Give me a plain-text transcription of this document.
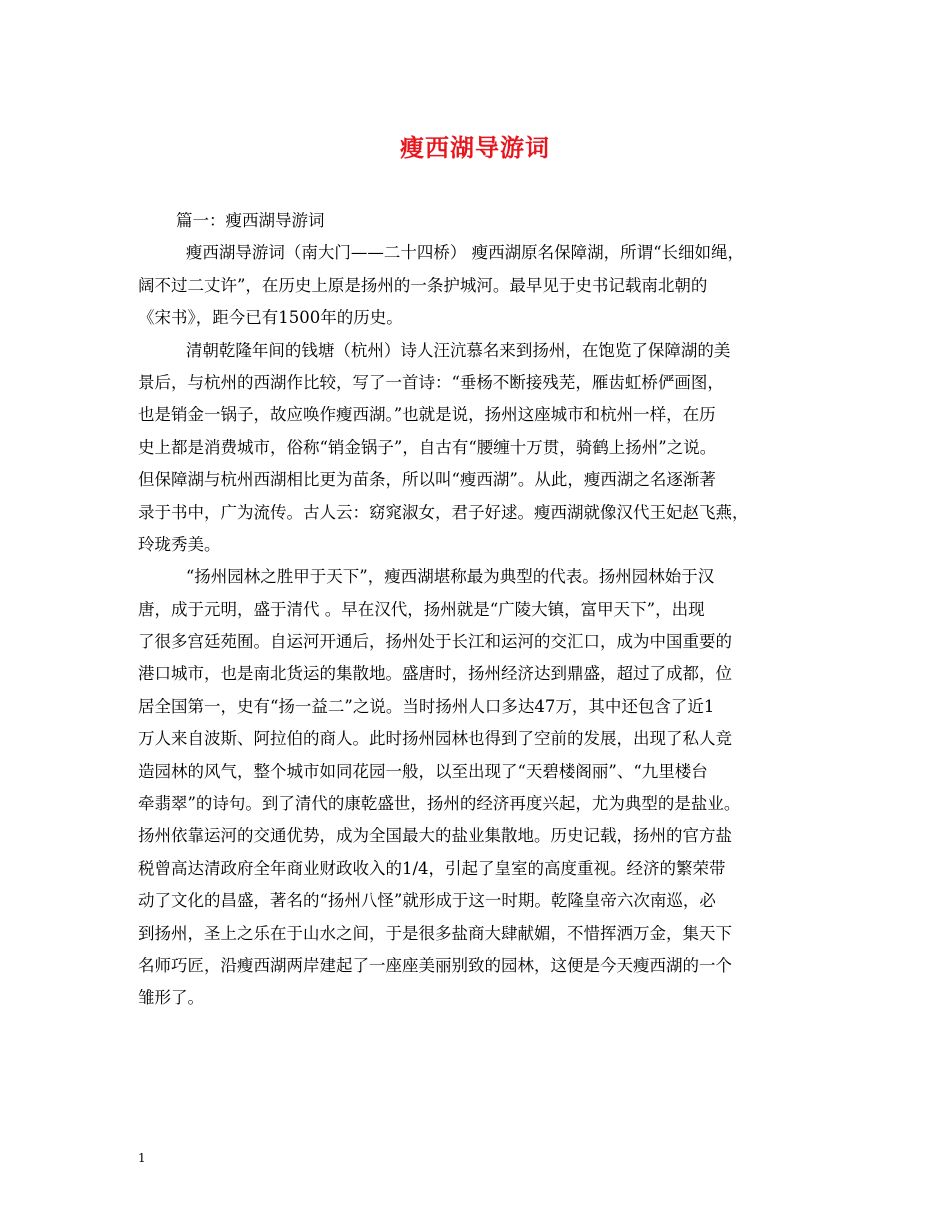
瘦西湖导游词
篇一：瘦西湖导游词
瘦西湖导游词（南大门——二十四桥） 瘦西湖原名保障湖，所谓“长细如绳，
阔不过二丈许”，在历史上原是扬州的一条护城河。最早见于史书记载南北朝的
《宋书》，距今已有1500年的历史。
清朝乾隆年间的钱塘（杭州）诗人汪沆慕名来到扬州，在饱览了保障湖的美
景后，与杭州的西湖作比较，写了一首诗：“垂杨不断接残芜，雁齿虹桥俨画图，
也是销金一锅子，故应唤作瘦西湖。”也就是说，扬州这座城市和杭州一样，在历
史上都是消费城市，俗称“销金锅子”，自古有“腰缠十万贯，骑鹤上扬州”之说。
但保障湖与杭州西湖相比更为苗条，所以叫“瘦西湖”。从此，瘦西湖之名逐渐著
录于书中，广为流传。古人云：窈窕淑女，君子好逑。瘦西湖就像汉代王妃赵飞燕，
玲珑秀美。
“扬州园林之胜甲于天下”，瘦西湖堪称最为典型的代表。扬州园林始于汉
唐，成于元明，盛于清代 。早在汉代，扬州就是“广陵大镇，富甲天下”，出现
了很多宫廷苑囿。自运河开通后，扬州处于长江和运河的交汇口，成为中国重要的
港口城市，也是南北货运的集散地。盛唐时，扬州经济达到鼎盛，超过了成都，位
居全国第一，史有“扬一益二”之说。当时扬州人口多达47万，其中还包含了近1
万人来自波斯、阿拉伯的商人。此时扬州园林也得到了空前的发展，出现了私人竞
造园林的风气，整个城市如同花园一般，以至出现了“天碧楼阁丽”、“九里楼台
牵翡翠”的诗句。到了清代的康乾盛世，扬州的经济再度兴起，尤为典型的是盐业。
扬州依靠运河的交通优势，成为全国最大的盐业集散地。历史记载，扬州的官方盐
税曾高达清政府全年商业财政收入的1/4，引起了皇室的高度重视。经济的繁荣带
动了文化的昌盛，著名的“扬州八怪”就形成于这一时期。乾隆皇帝六次南巡，必
到扬州，圣上之乐在于山水之间，于是很多盐商大肆献媚，不惜挥洒万金，集天下
名师巧匠，沿瘦西湖两岸建起了一座座美丽别致的园林，这便是今天瘦西湖的一个
雏形了。
1
